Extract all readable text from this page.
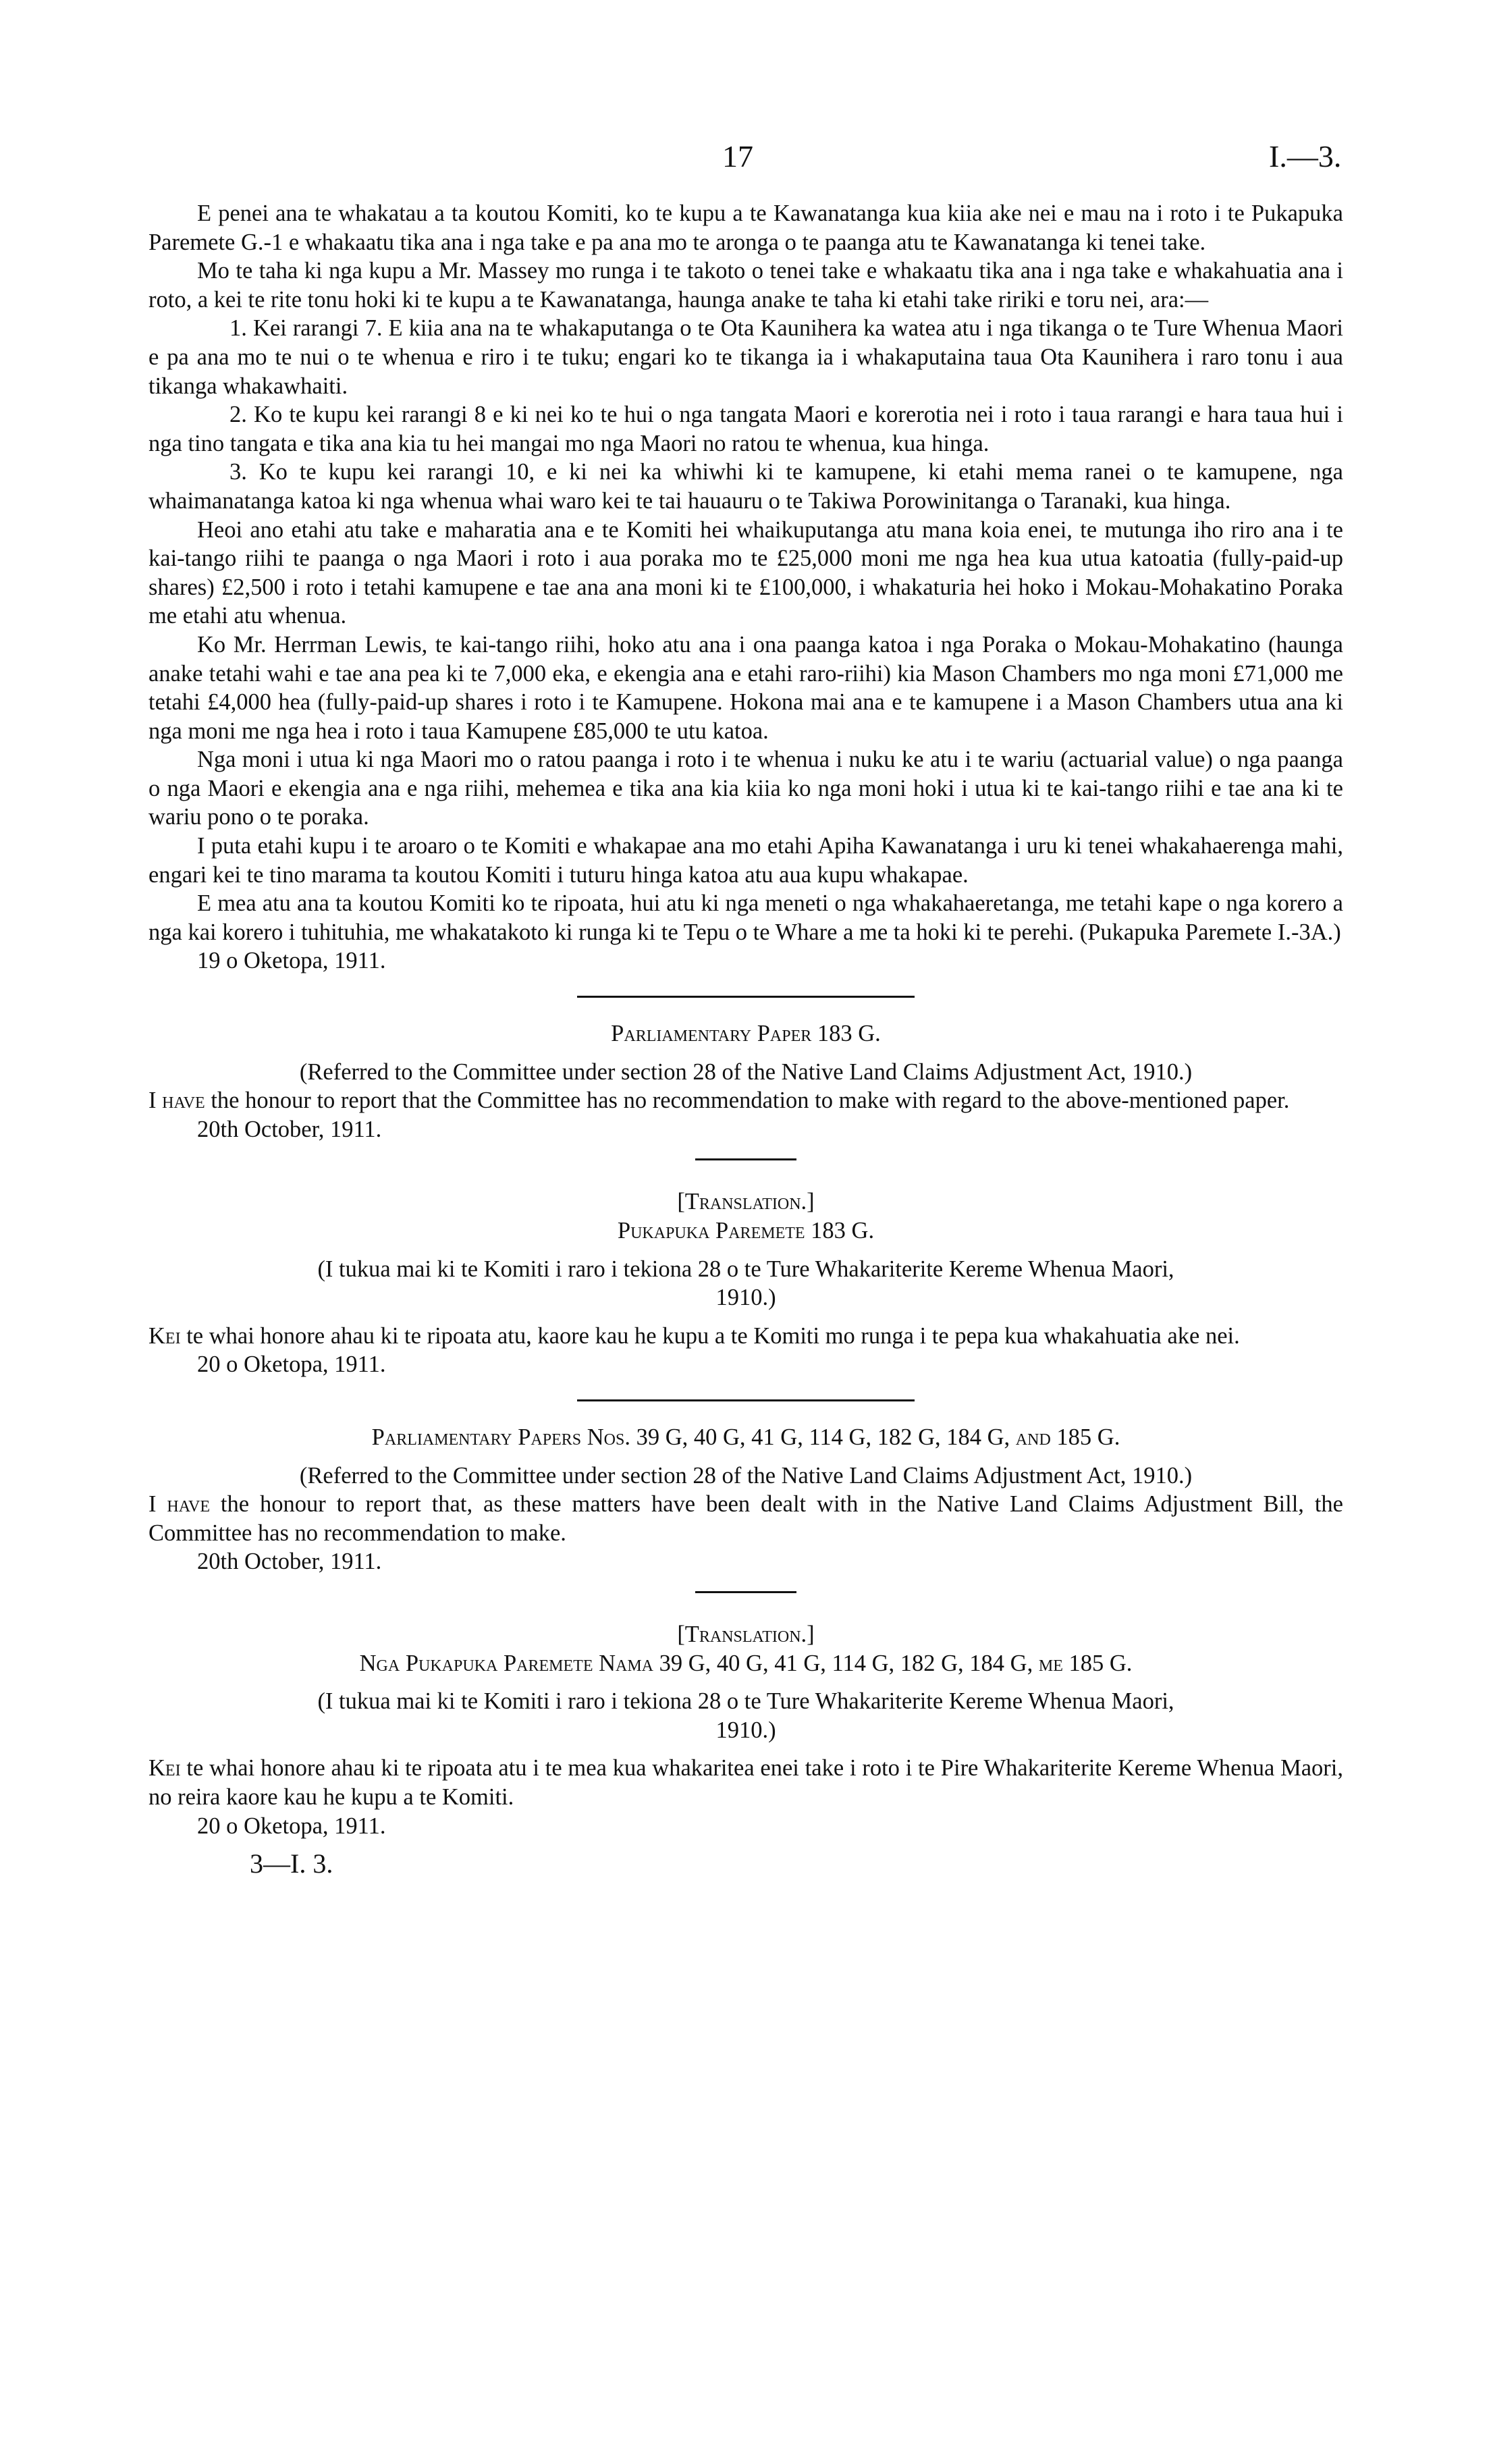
17	I.—3.

E penei ana te whakatau a ta koutou Komiti, ko te kupu a te Kawanatanga kua kiia ake nei e mau na i roto i te Pukapuka Paremete G.-1 e whakaatu tika ana i nga take e pa ana mo te aronga o te paanga atu te Kawanatanga ki tenei take.

Mo te taha ki nga kupu a Mr. Massey mo runga i te takoto o tenei take e whakaatu tika ana i nga take e whakahuatia ana i roto, a kei te rite tonu hoki ki te kupu a te Kawanatanga, haunga anake te taha ki etahi take ririki e toru nei, ara:—

1. Kei rarangi 7. E kiia ana na te whakaputanga o te Ota Kaunihera ka watea atu i nga tikanga o te Ture Whenua Maori e pa ana mo te nui o te whenua e riro i te tuku; engari ko te tikanga ia i whakaputaina taua Ota Kaunihera i raro tonu i aua tikanga whakawhaiti.

2. Ko te kupu kei rarangi 8 e ki nei ko te hui o nga tangata Maori e korerotia nei i roto i taua rarangi e hara taua hui i nga tino tangata e tika ana kia tu hei mangai mo nga Maori no ratou te whenua, kua hinga.

3. Ko te kupu kei rarangi 10, e ki nei ka whiwhi ki te kamupene, ki etahi mema ranei o te kamupene, nga whaimanatanga katoa ki nga whenua whai waro kei te tai hauauru o te Takiwa Porowinitanga o Taranaki, kua hinga.

Heoi ano etahi atu take e maharatia ana e te Komiti hei whaikuputanga atu mana koia enei, te mutunga iho riro ana i te kai-tango riihi te paanga o nga Maori i roto i aua poraka mo te £25,000 moni me nga hea kua utua katoatia (fully-paid-up shares) £2,500 i roto i tetahi kamupene e tae ana ana moni ki te £100,000, i whakaturia hei hoko i Mokau-Mohakatino Poraka me etahi atu whenua.

Ko Mr. Herrman Lewis, te kai-tango riihi, hoko atu ana i ona paanga katoa i nga Poraka o Mokau-Mohakatino (haunga anake tetahi wahi e tae ana pea ki te 7,000 eka, e ekengia ana e etahi raro-riihi) kia Mason Chambers mo nga moni £71,000 me tetahi £4,000 hea (fully-paid-up shares i roto i te Kamupene. Hokona mai ana e te kamupene i a Mason Chambers utua ana ki nga moni me nga hea i roto i taua Kamupene £85,000 te utu katoa.

Nga moni i utua ki nga Maori mo o ratou paanga i roto i te whenua i nuku ke atu i te wariu (actuarial value) o nga paanga o nga Maori e ekengia ana e nga riihi, mehemea e tika ana kia kiia ko nga moni hoki i utua ki te kai-tango riihi e tae ana ki te wariu pono o te poraka.

I puta etahi kupu i te aroaro o te Komiti e whakapae ana mo etahi Apiha Kawanatanga i uru ki tenei whakahaerenga mahi, engari kei te tino marama ta koutou Komiti i tuturu hinga katoa atu aua kupu whakapae.

E mea atu ana ta koutou Komiti ko te ripoata, hui atu ki nga meneti o nga whakahaeretanga, me tetahi kape o nga korero a nga kai korero i tuhituhia, me whakatakoto ki runga ki te Tepu o te Whare a me ta hoki ki te perehi. (Pukapuka Paremete I.-3A.)

19 o Oketopa, 1911.

Parliamentary Paper 183 G.

(Referred to the Committee under section 28 of the Native Land Claims Adjustment Act, 1910.)

I have the honour to report that the Committee has no recommendation to make with regard to the above-mentioned paper.

20th October, 1911.

[Translation.]

Pukapuka Paremete 183 G.

(I tukua mai ki te Komiti i raro i tekiona 28 o te Ture Whakariterite Kereme Whenua Maori,

1910.)

Kei te whai honore ahau ki te ripoata atu, kaore kau he kupu a te Komiti mo runga i te pepa kua whakahuatia ake nei.

20 o Oketopa, 1911.

Parliamentary Papers Nos. 39 G, 40 G, 41 G, 114 G, 182 G, 184 G, and 185 G.

(Referred to the Committee under section 28 of the Native Land Claims Adjustment Act, 1910.)

I have the honour to report that, as these matters have been dealt with in the Native Land Claims Adjustment Bill, the Committee has no recommendation to make.

20th October, 1911.

[Translation.]

Nga Pukapuka Paremete Nama 39 G, 40 G, 41 G, 114 G, 182 G, 184 G, me 185 G.

(I tukua mai ki te Komiti i raro i tekiona 28 o te Ture Whakariterite Kereme Whenua Maori,

1910.)

Kei te whai honore ahau ki te ripoata atu i te mea kua whakaritea enei take i roto i te Pire Whakariterite Kereme Whenua Maori, no reira kaore kau he kupu a te Komiti.

20 o Oketopa, 1911.

3—I. 3.
